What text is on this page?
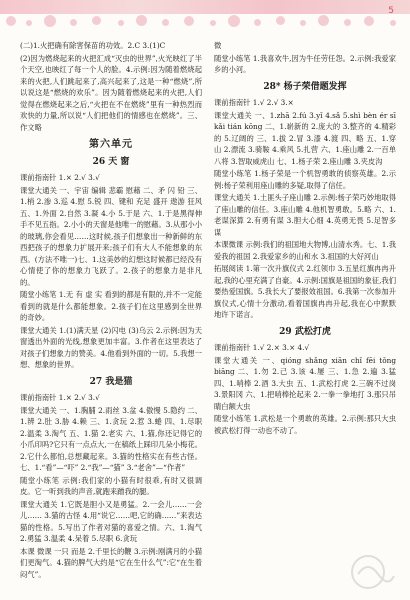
5
(二)1.火把确有除害保苗的功效。2.C 3.(1)C
(2)因为燃烧起来的火把汇成“灭虫的世界”,火光映红了半个天空,也映红了每一个人的脸。4.示例:因为随着燃烧起来的火把,人们跳起来了,高兴起来了,这是一种“燃烧”,所以说这是“燃烧的欢乐”。因为随着燃烧起来的火把,人们觉得在燃烧起来之后,“火把在不在燃烧”里有一种热烈而欢快的力量,所以说“人们把他们的情感也在燃烧”。三、作文略
第六单元
26 天 窗
课前指南针 1.× 2.√ 3.√
课堂大通关 一、宇宙 编辑 悲霸 慰藉 二、矛 闪 铅 三、1.梢 2.渗 3.巡 4.慰 5.锐 四、键和 充足 盛开 遨游 狂风 五、1.外面 2.自然 3.凝 4.小 5.于是 六、1.于是黑得伸手不见五指。2.小小的天窗是他唯一的慰藉。3.从那小小的玻璃,你会看见……这时候,孩子们想象出一种新鲜的东西把孩子的想象力扩展开来;孩子们有大人不能想象的东西。(方法不唯一)七、1.这美妙的幻想这时候都已经没有心情使了你的想象力飞跃了。2.孩子的想象力是非凡的。
随堂小练笔 1.无 有 虚 实 看到的都是有限的,并不一定能看到的就是什么都能想象。2.孩子们在这里感到全世界的奇妙。
课堂大通关 1.(1)满天星 (2)闪电 (3)乌云 2.示例:因为天窗透出外面的光线,想象更加丰富。3.作者在这里表达了对孩子们想象力的赞美。4.他看到外面的一切。5.我想一想、想象的世界。
27 我是猫
课前指南针 1.× 2.√ 3.√
课堂大通关 一、1.胸脯 2.雨丝 3.盆 4.傲慢 5.隐约 二、1.辨 2.肚 3.胁 4.赖 三、1.贪玩 2.惹 3.蜷 四、1.尽职 2.温柔 3.淘气 五、1.猫 2.老实 六、1.猫,你还记得它的小爪印吗?它只有一点点大,一在稿纸上踩印几朵小梅花。2.它什么都怕,总想藏起来。3.猫的性格实在有些古怪。七、1.“看”—“吓” 2.“我”—“猫” 3.“老舍”—“作者”
随堂小练笔 示例:我们家的小猫有时很乖,有时又很调皮。它一听到我的声音,就跑来蹭我的腿。
课堂大通关 1.它既是胆小又是勇猛。2.一会儿……一会儿…… 3.猫的古怪 4.用“说它……吧,它的确……”来表达猫的性格。5.写出了作者对猫的喜爱之情。六、1.淘气 2.勇猛 3.温柔 4.呆着 5.尽职 6.贪玩
本课 微课 一只 而是 2.千里长的鞭 3.示例:刚满月的小猫们更淘气。4.猫的脾气大约是“它在生什么气”:它“在生着闷气”。
微
随堂小练笔 1.我喜欢牛,因为牛任劳任怨。2.示例:我爱家乡的小河。
28* 杨子荣借题发挥
课前指南针 1.√ 2.√ 3.×
课堂大通关 一、1.zhā 2.fú 3.yǐ 4.sǎ 5.shì bèn ér sī kǎi tián kōng 二、1.崭新的 2.庞大的 3.整齐的 4.精彩的 5.辽阔的 三、1.拔 2.冒 3.漆 4.渡 四、略 五、1.穿山 2.漂流 3.骑鞍 4.乘风 5.扎营 六、1.座山雕 2.一百单八将 3.智取威虎山 七、1.杨子荣 2.座山雕 3.夹皮沟
随堂小练笔 1.杨子荣是一个机智勇敢的侦察英雄。2.示例:杨子荣利用座山雕的多疑,取得了信任。
课堂大通关 1.土匪头子座山雕 2.示例:杨子荣巧妙地取得了座山雕的信任。3.座山雕 4.他机智勇敢。5.略 六、1.老谋深算 2.有勇有谋 3.胆大心细 4.英勇无畏 5.足智多谋
本课微课 示例:我们的祖国地大物博,山清水秀。七、1.我爱我的祖国 2.我爱家乡的山和水 3.祖国的大好河山
拓展阅读 1.第一次升旗仪式 2.红领巾 3.五星红旗冉冉升起,我的心里充满了自豪。4.示例:国旗是祖国的象征,我们要热爱国旗。5.我长大了要报效祖国。6.我第一次参加升旗仪式,心情十分激动,看着国旗冉冉升起,我在心中默默地许下诺言。
29 武松打虎
课前指南针 1.√ 2.× 3.× 4.√
课堂大通关 一、qióng shǎng xiān chǐ fēi tǒng biāng 二、1.勿 2.己 3.该 4.屡 三、1.急 2.遍 3.猛 四、1.哨棒 2.酒 3.大虫 五、1.武松打虎 2.三碗不过岗 3.景阳冈 六、1.把哨棒抡起来 2.一拳一拳地打 3.那只吊睛白额大虫
随堂小练笔 1.武松是一个勇敢的英雄。2.示例:那只大虫被武松打得一动也不动了。
